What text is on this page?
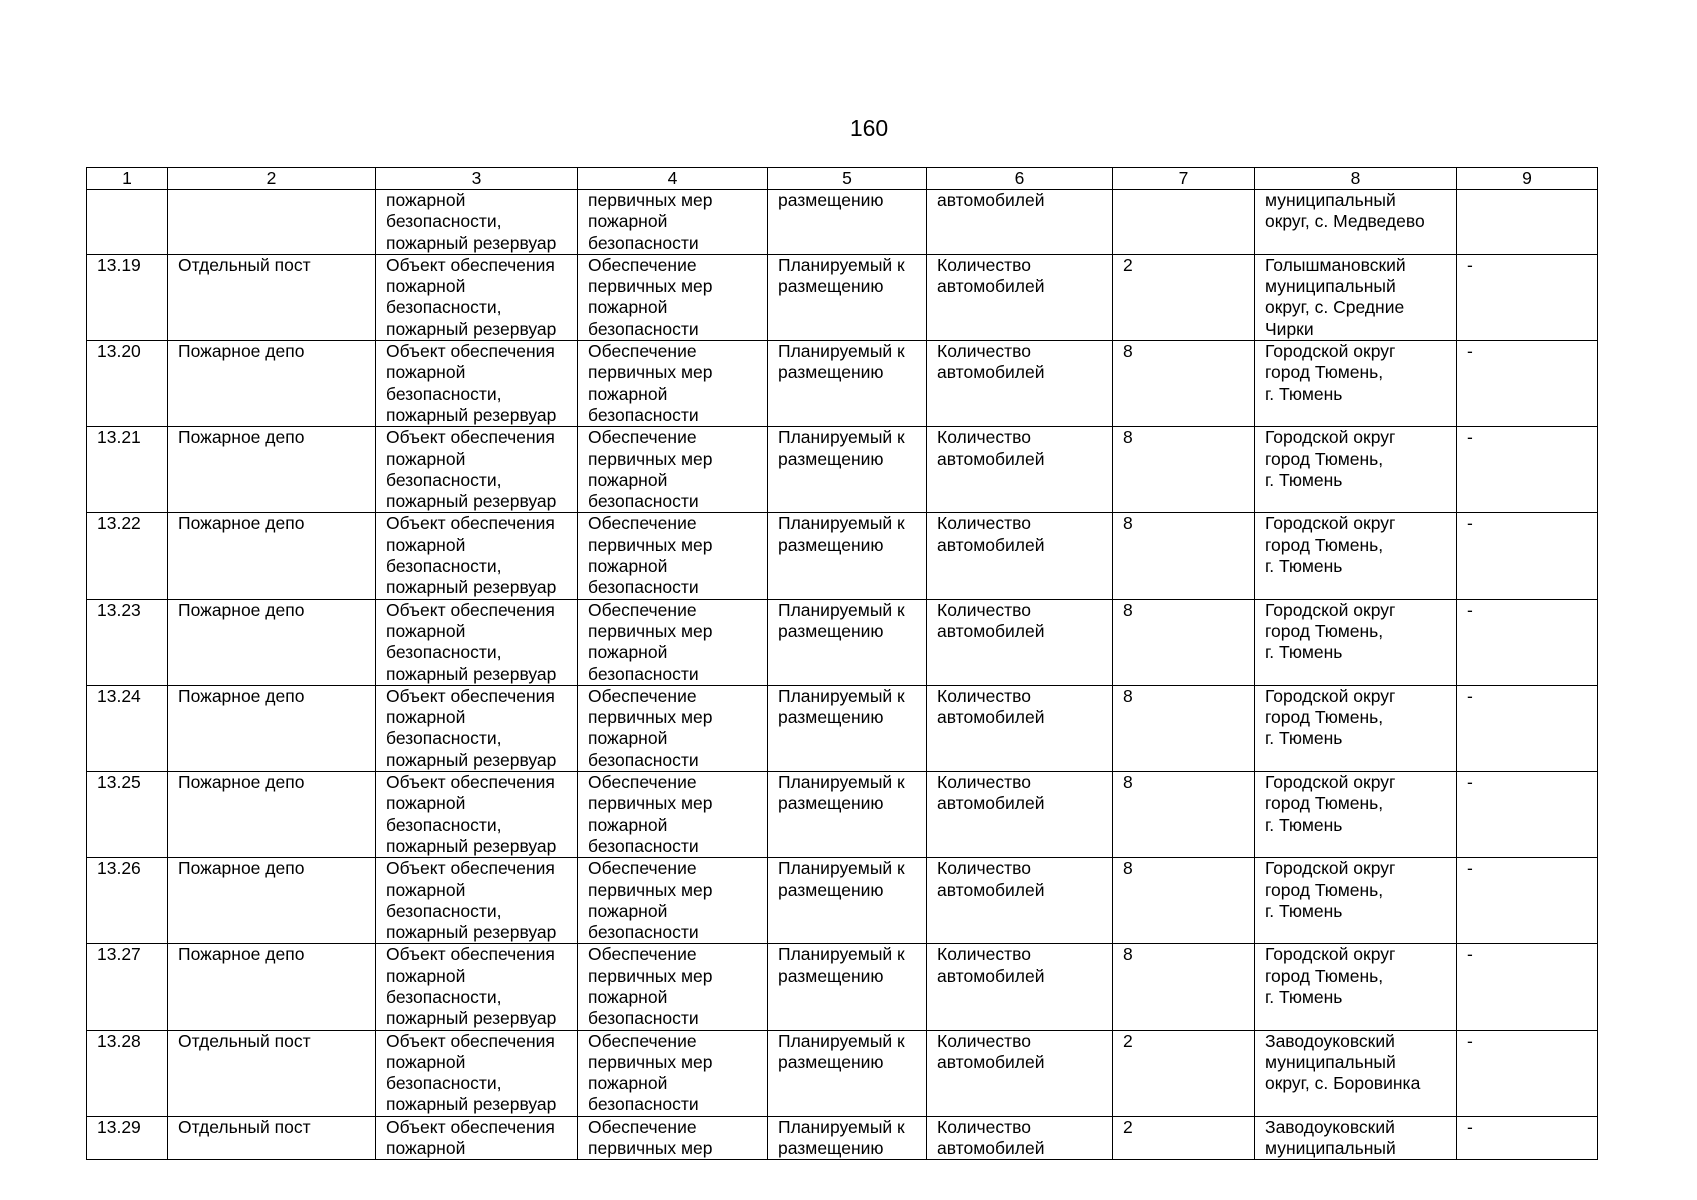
160
1	2	3	4	5	6	7	8	9
		пожарной
безопасности,
пожарный резервуар	первичных мер
пожарной
безопасности	размещению	автомобилей		муниципальный
округ, с. Медведево	
13.19	Отдельный пост	Объект обеспечения
пожарной
безопасности,
пожарный резервуар	Обеспечение
первичных мер
пожарной
безопасности	Планируемый к
размещению	Количество
автомобилей	2	Голышмановский
муниципальный
округ, с. Средние
Чирки	-
13.20	Пожарное депо	Объект обеспечения
пожарной
безопасности,
пожарный резервуар	Обеспечение
первичных мер
пожарной
безопасности	Планируемый к
размещению	Количество
автомобилей	8	Городской округ
город Тюмень,
г. Тюмень	-
13.21	Пожарное депо	Объект обеспечения
пожарной
безопасности,
пожарный резервуар	Обеспечение
первичных мер
пожарной
безопасности	Планируемый к
размещению	Количество
автомобилей	8	Городской округ
город Тюмень,
г. Тюмень	-
13.22	Пожарное депо	Объект обеспечения
пожарной
безопасности,
пожарный резервуар	Обеспечение
первичных мер
пожарной
безопасности	Планируемый к
размещению	Количество
автомобилей	8	Городской округ
город Тюмень,
г. Тюмень	-
13.23	Пожарное депо	Объект обеспечения
пожарной
безопасности,
пожарный резервуар	Обеспечение
первичных мер
пожарной
безопасности	Планируемый к
размещению	Количество
автомобилей	8	Городской округ
город Тюмень,
г. Тюмень	-
13.24	Пожарное депо	Объект обеспечения
пожарной
безопасности,
пожарный резервуар	Обеспечение
первичных мер
пожарной
безопасности	Планируемый к
размещению	Количество
автомобилей	8	Городской округ
город Тюмень,
г. Тюмень	-
13.25	Пожарное депо	Объект обеспечения
пожарной
безопасности,
пожарный резервуар	Обеспечение
первичных мер
пожарной
безопасности	Планируемый к
размещению	Количество
автомобилей	8	Городской округ
город Тюмень,
г. Тюмень	-
13.26	Пожарное депо	Объект обеспечения
пожарной
безопасности,
пожарный резервуар	Обеспечение
первичных мер
пожарной
безопасности	Планируемый к
размещению	Количество
автомобилей	8	Городской округ
город Тюмень,
г. Тюмень	-
13.27	Пожарное депо	Объект обеспечения
пожарной
безопасности,
пожарный резервуар	Обеспечение
первичных мер
пожарной
безопасности	Планируемый к
размещению	Количество
автомобилей	8	Городской округ
город Тюмень,
г. Тюмень	-
13.28	Отдельный пост	Объект обеспечения
пожарной
безопасности,
пожарный резервуар	Обеспечение
первичных мер
пожарной
безопасности	Планируемый к
размещению	Количество
автомобилей	2	Заводоуковский
муниципальный
округ, с. Боровинка	-
13.29	Отдельный пост	Объект обеспечения
пожарной	Обеспечение
первичных мер	Планируемый к
размещению	Количество
автомобилей	2	Заводоуковский
муниципальный	-
